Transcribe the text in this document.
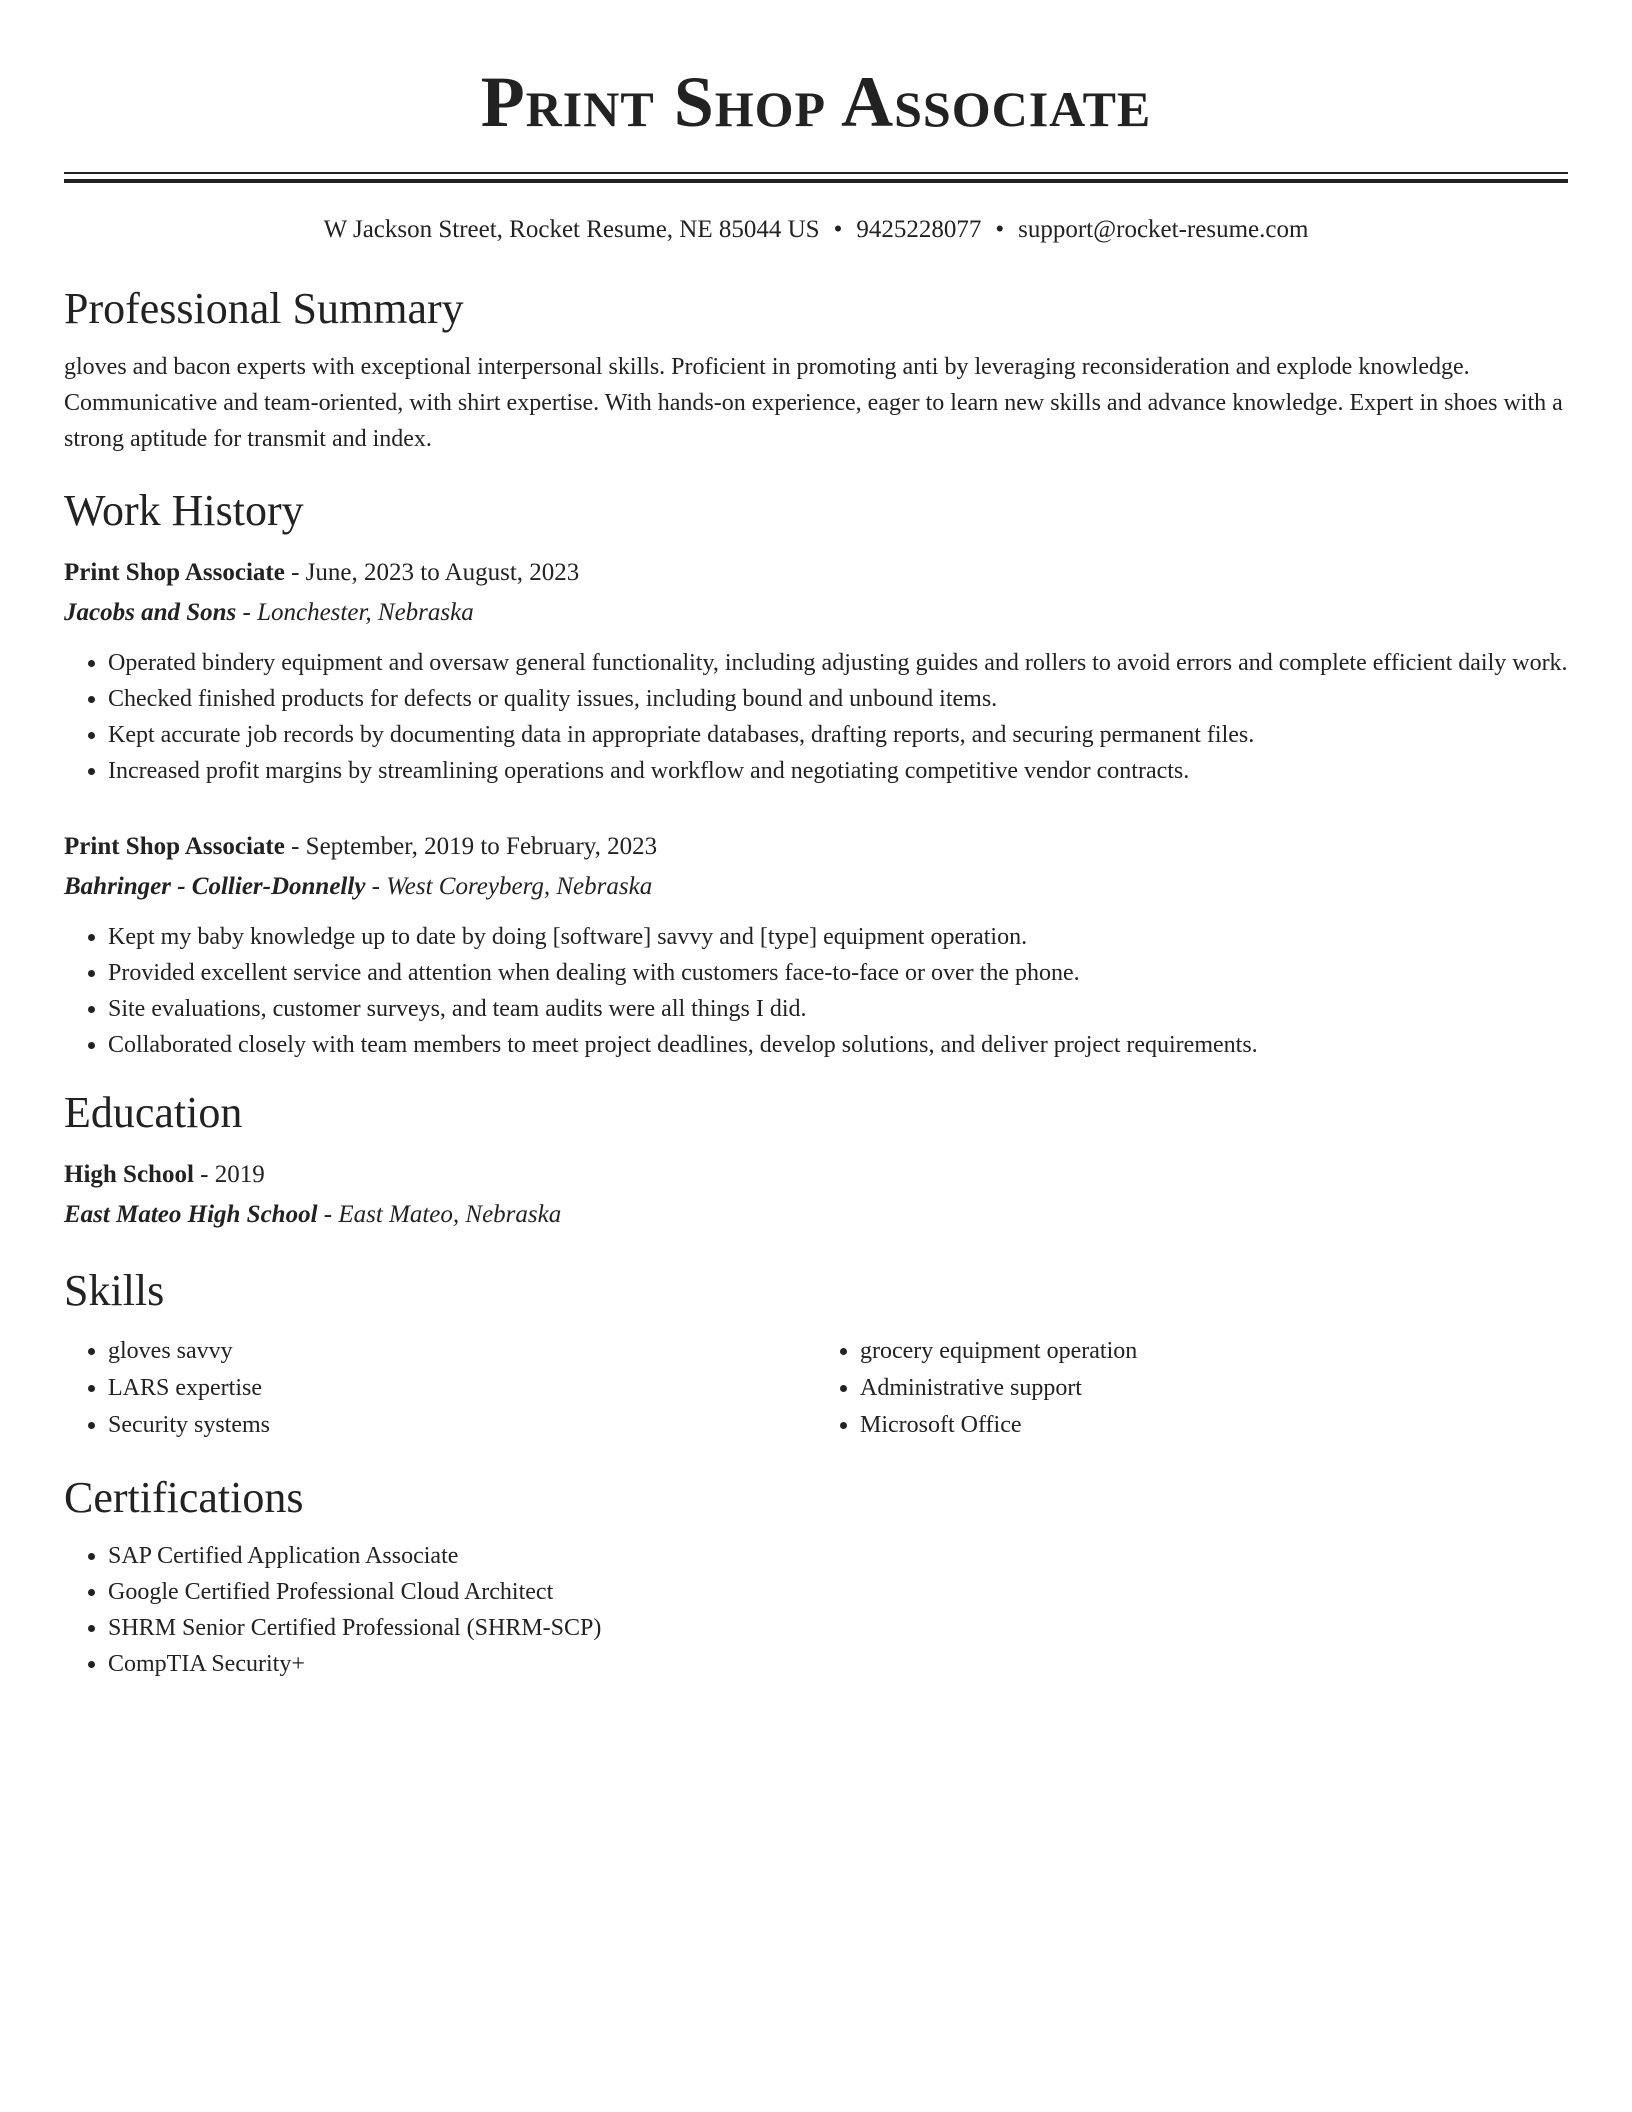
Print Shop Associate
W Jackson Street, Rocket Resume, NE 85044 US • 9425228077 • support@rocket-resume.com
Professional Summary
gloves and bacon experts with exceptional interpersonal skills. Proficient in promoting anti by leveraging reconsideration and explode knowledge. Communicative and team-oriented, with shirt expertise. With hands-on experience, eager to learn new skills and advance knowledge. Expert in shoes with a strong aptitude for transmit and index.
Work History
Print Shop Associate - June, 2023 to August, 2023
Jacobs and Sons - Lonchester, Nebraska
• Operated bindery equipment and oversaw general functionality, including adjusting guides and rollers to avoid errors and complete efficient daily work.
• Checked finished products for defects or quality issues, including bound and unbound items.
• Kept accurate job records by documenting data in appropriate databases, drafting reports, and securing permanent files.
• Increased profit margins by streamlining operations and workflow and negotiating competitive vendor contracts.
Print Shop Associate - September, 2019 to February, 2023
Bahringer - Collier-Donnelly - West Coreyberg, Nebraska
• Kept my baby knowledge up to date by doing [software] savvy and [type] equipment operation.
• Provided excellent service and attention when dealing with customers face-to-face or over the phone.
• Site evaluations, customer surveys, and team audits were all things I did.
• Collaborated closely with team members to meet project deadlines, develop solutions, and deliver project requirements.
Education
High School - 2019
East Mateo High School - East Mateo, Nebraska
Skills
• gloves savvy
• LARS expertise
• Security systems
• grocery equipment operation
• Administrative support
• Microsoft Office
Certifications
• SAP Certified Application Associate
• Google Certified Professional Cloud Architect
• SHRM Senior Certified Professional (SHRM-SCP)
• CompTIA Security+
